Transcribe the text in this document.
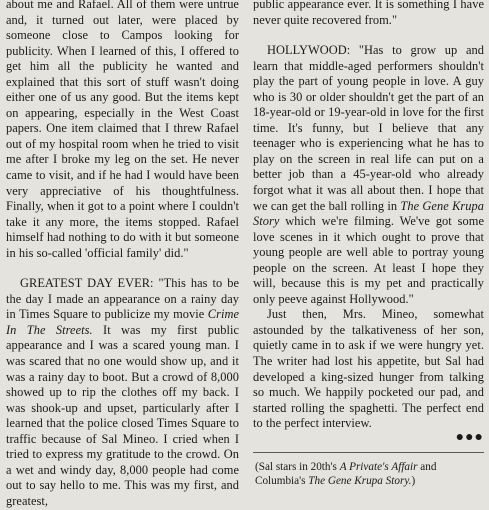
about me and Rafael. All of them were untrue and, it turned out later, were placed by someone close to Campos looking for publicity. When I learned of this, I offered to get him all the publicity he wanted and explained that this sort of stuff wasn't doing either one of us any good. But the items kept on appearing, especially in the West Coast papers. One item claimed that I threw Rafael out of my hospital room when he tried to visit me after I broke my leg on the set. He never came to visit, and if he had I would have been very appreciative of his thoughtfulness. Finally, when it got to a point where I couldn't take it any more, the items stopped. Rafael himself had nothing to do with it but someone in his so-called 'official family' did."

GREATEST DAY EVER: "This has to be the day I made an appearance on a rainy day in Times Square to publicize my movie Crime In The Streets. It was my first public appearance and I was a scared young man. I was scared that no one would show up, and it was a rainy day to boot. But a crowd of 8,000 showed up to rip the clothes off my back. I was shook-up and upset, particularly after I learned that the police closed Times Square to traffic because of Sal Mineo. I cried when I tried to express my gratitude to the crowd. On a wet and windy day, 8,000 people had come out to say hello to me. This was my first, and greatest,

public appearance ever. It is something I have never quite recovered from."

HOLLYWOOD: "Has to grow up and learn that middle-aged performers shouldn't play the part of young people in love. A guy who is 30 or older shouldn't get the part of an 18-year-old or 19-year-old in love for the first time. It's funny, but I believe that any teenager who is experiencing what he has to play on the screen in real life can put on a better job than a 45-year-old who already forgot what it was all about then. I hope that we can get the ball rolling in The Gene Krupa Story which we're filming. We've got some love scenes in it which ought to prove that young people are well able to portray young people on the screen. At least I hope they will, because this is my pet and practically only peeve against Hollywood."

Just then, Mrs. Mineo, somewhat astounded by the talkativeness of her son, quietly came in to ask if we were hungry yet. The writer had lost his appetite, but Sal had developed a king-sized hunger from talking so much. We happily pocketed our pad, and started rolling the spaghetti. The perfect end to the perfect interview.

●●●

(Sal stars in 20th's A Private's Affair and Columbia's The Gene Krupa Story.)
